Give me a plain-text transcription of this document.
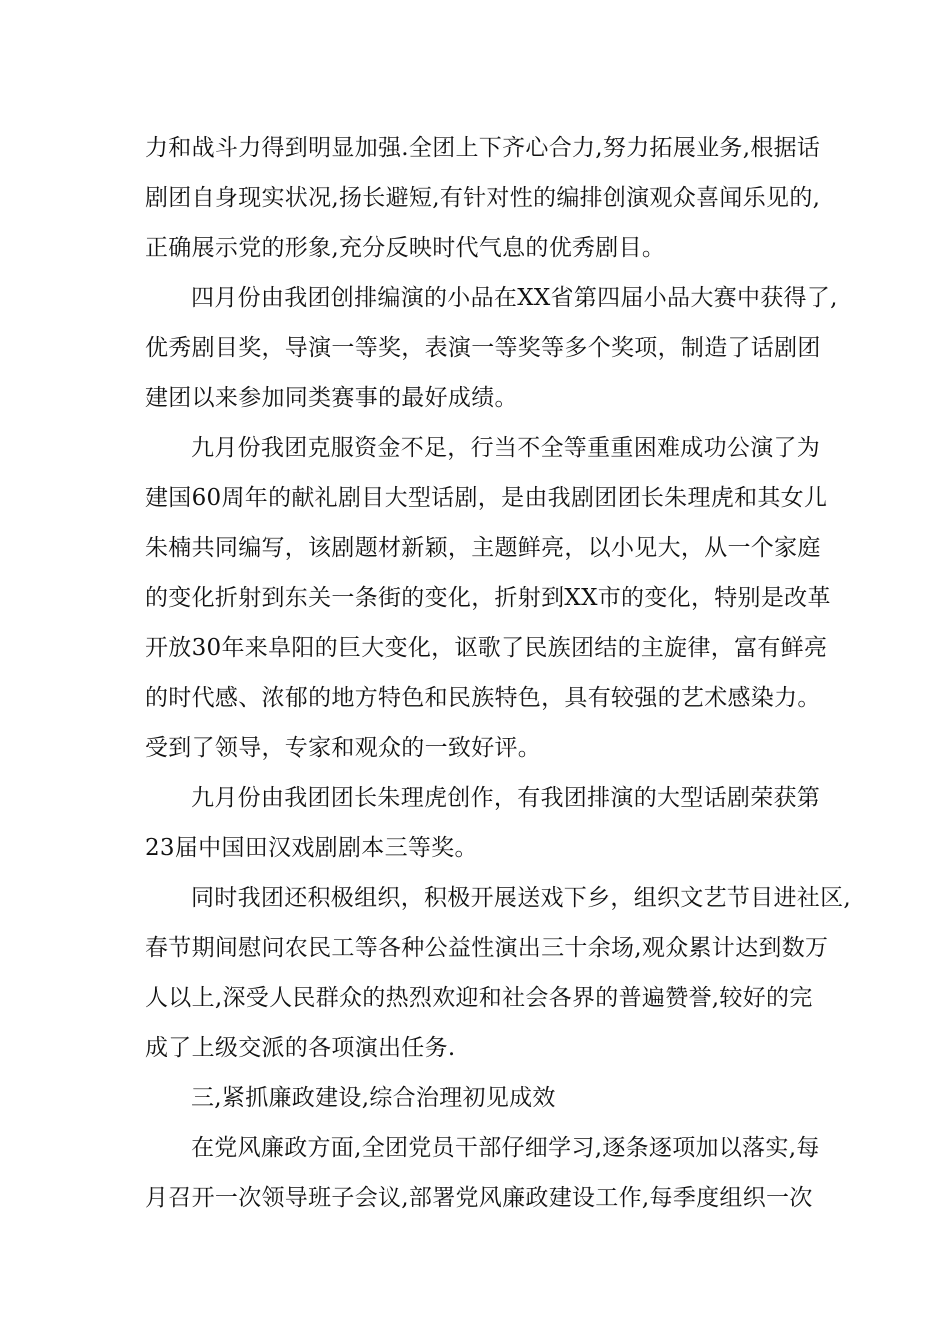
力和战斗力得到明显加强.全团上下齐心合力,努力拓展业务,根据话
剧团自身现实状况,扬长避短,有针对性的编排创演观众喜闻乐见的,
正确展示党的形象,充分反映时代气息的优秀剧目。
四月份由我团创排编演的小品在XX省第四届小品大赛中获得了,
优秀剧目奖，导演一等奖，表演一等奖等多个奖项，制造了话剧团
建团以来参加同类赛事的最好成绩。
九月份我团克服资金不足，行当不全等重重困难成功公演了为
建国60周年的献礼剧目大型话剧，是由我剧团团长朱理虎和其女儿
朱楠共同编写，该剧题材新颖，主题鲜亮，以小见大，从一个家庭
的变化折射到东关一条街的变化，折射到XX市的变化，特别是改革
开放30年来阜阳的巨大变化，讴歌了民族团结的主旋律，富有鲜亮
的时代感、浓郁的地方特色和民族特色，具有较强的艺术感染力。
受到了领导，专家和观众的一致好评。
九月份由我团团长朱理虎创作，有我团排演的大型话剧荣获第
23届中国田汉戏剧剧本三等奖。
同时我团还积极组织，积极开展送戏下乡，组织文艺节目进社区,
春节期间慰问农民工等各种公益性演出三十余场,观众累计达到数万
人以上,深受人民群众的热烈欢迎和社会各界的普遍赞誉,较好的完
成了上级交派的各项演出任务.
三,紧抓廉政建设,综合治理初见成效
在党风廉政方面,全团党员干部仔细学习,逐条逐项加以落实,每
月召开一次领导班子会议,部署党风廉政建设工作,每季度组织一次
